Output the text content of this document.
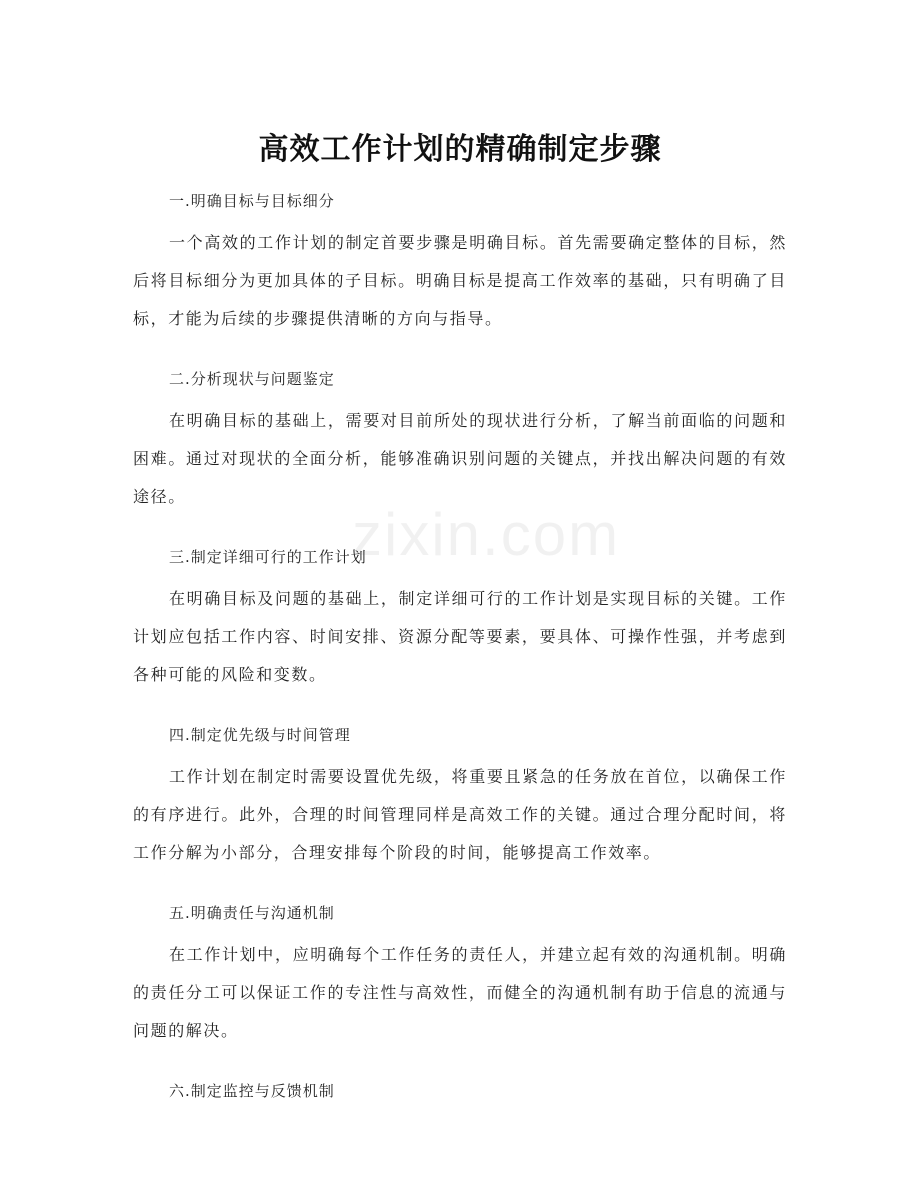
zixin.com
高效工作计划的精确制定步骤

一.明确目标与目标细分

一个高效的工作计划的制定首要步骤是明确目标。首先需要确定整体的目标，然后将目标细分为更加具体的子目标。明确目标是提高工作效率的基础，只有明确了目标，才能为后续的步骤提供清晰的方向与指导。

二.分析现状与问题鉴定

在明确目标的基础上，需要对目前所处的现状进行分析，了解当前面临的问题和困难。通过对现状的全面分析，能够准确识别问题的关键点，并找出解决问题的有效途径。

三.制定详细可行的工作计划

在明确目标及问题的基础上，制定详细可行的工作计划是实现目标的关键。工作计划应包括工作内容、时间安排、资源分配等要素，要具体、可操作性强，并考虑到各种可能的风险和变数。

四.制定优先级与时间管理

工作计划在制定时需要设置优先级，将重要且紧急的任务放在首位，以确保工作的有序进行。此外，合理的时间管理同样是高效工作的关键。通过合理分配时间，将工作分解为小部分，合理安排每个阶段的时间，能够提高工作效率。

五.明确责任与沟通机制

在工作计划中，应明确每个工作任务的责任人，并建立起有效的沟通机制。明确的责任分工可以保证工作的专注性与高效性，而健全的沟通机制有助于信息的流通与问题的解决。

六.制定监控与反馈机制
